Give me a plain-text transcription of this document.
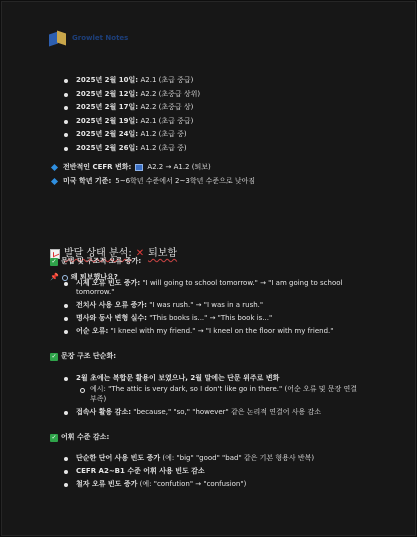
Growlet Notes
2025년 2월 10일: A2.1 (초급 중급)
2025년 2월 12일: A2.2 (초중급 상위)
2025년 2월 17일: A2.2 (초중급 상)
2025년 2월 19일: A2.1 (초급 중급)
2025년 2월 24일: A1.2 (초급 중)
2025년 2월 26일: A1.2 (초급 중)
전반적인 CEFR 변화: A2.2 → A1.2 (퇴보)
미국 학년 기준: 5~6학년 수준에서 2~3학년 수준으로 낮아짐
발달 상태 분석: ✕ 퇴보함
📌 왜 퇴보했나요?
✓ 문법 및 구조적 오류 증가:
시제 오류 빈도 증가: "I will going to school tomorrow." → "I am going to school tomorrow."
전치사 사용 오류 증가: "I was rush." → "I was in a rush."
명사와 동사 변형 실수: "This books is..." → "This book is..."
어순 오류: "I kneel with my friend." → "I kneel on the floor with my friend."
✓ 문장 구조 단순화:
2월 초에는 복합문 활용이 보였으나, 2월 말에는 단문 위주로 변화
예시: "The attic is very dark, so I don't like go in there." (어순 오류 및 문장 연결 부족)
접속사 활용 감소: "because," "so," "however" 같은 논리적 연결어 사용 감소
✓ 어휘 수준 감소:
단순한 단어 사용 빈도 증가 (예: "big" "good" "bad" 같은 기본 형용사 반복)
CEFR A2~B1 수준 어휘 사용 빈도 감소
철자 오류 빈도 증가 (예: "confution" → "confusion")
